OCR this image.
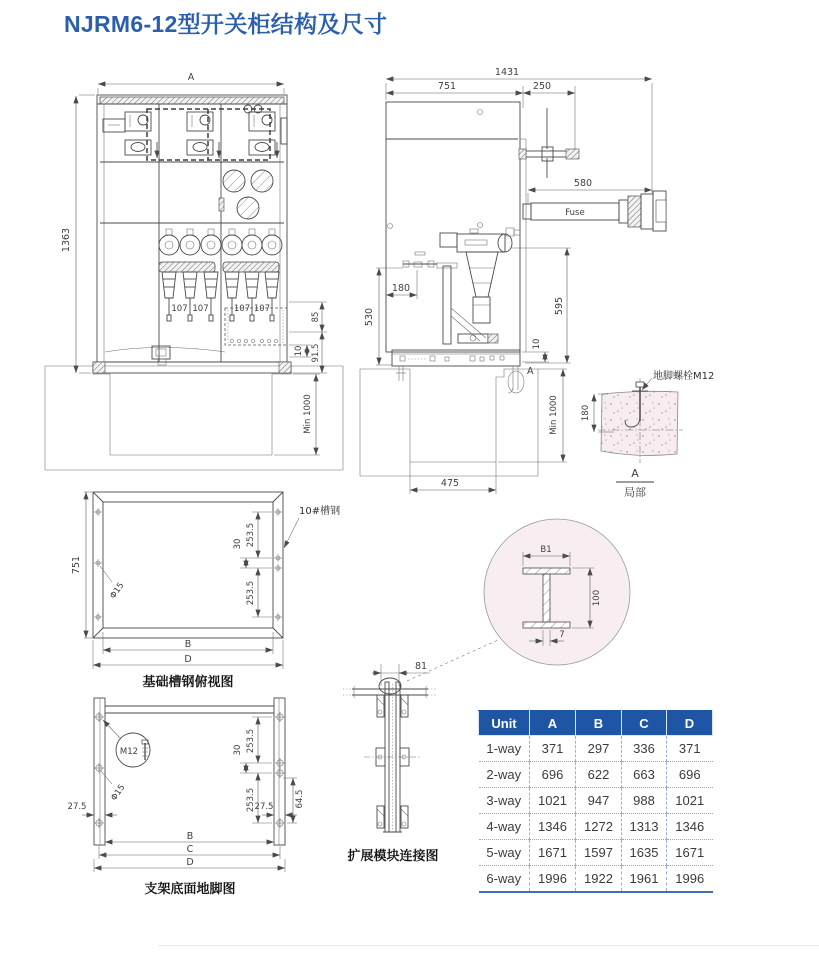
NJRM6-12型开关柜结构及尺寸
A
1363
107 107	107 107
85
10 91.5
Min 1000
1431
751	250
580
Fuse
180
595
530
10
A
475
Min 1000
地脚螺栓M12
180
A
局部
751
253.5
30
253.5
Φ15
10#槽钢
B
D
基础槽钢俯视图
B1
100
7
M12
Φ15
27.5
253.5
30
253.5
27.5	64.5
B
C
D
支架底面地脚图
81
扩展模块连接图
Unit	A	B	C	D
1-way	371	297	336	371
2-way	696	622	663	696
3-way	1021	947	988	1021
4-way	1346	1272	1313	1346
5-way	1671	1597	1635	1671
6-way	1996	1922	1961	1996
